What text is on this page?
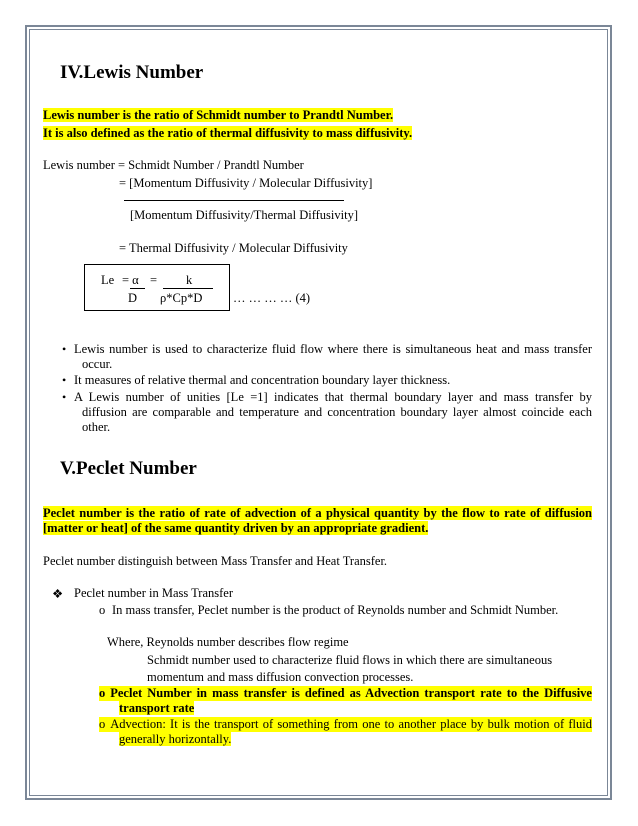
IV.Lewis Number
Lewis number is the ratio of Schmidt number to Prandtl Number.
It is also defined as the ratio of thermal diffusivity to mass diffusivity.
Lewis number = Schmidt Number / Prandtl Number
= [Momentum Diffusivity / Molecular Diffusivity]
[Momentum Diffusivity/Thermal Diffusivity]
= Thermal Diffusivity / Molecular Diffusivity
Le = α = k
D ρ*Cp*D … … … … (4)
• Lewis number is used to characterize fluid flow where there is simultaneous heat and mass transfer
occur.
• It measures of relative thermal and concentration boundary layer thickness.
• A Lewis number of unities [Le =1] indicates that thermal boundary layer and mass transfer by
diffusion are comparable and temperature and concentration boundary layer almost coincide each
other.
V.Peclet Number
Peclet number is the ratio of rate of advection of a physical quantity by the flow to rate of diffusion
[matter or heat] of the same quantity driven by an appropriate gradient.
Peclet number distinguish between Mass Transfer and Heat Transfer.
❖ Peclet number in Mass Transfer
o In mass transfer, Peclet number is the product of Reynolds number and Schmidt Number.
Where, Reynolds number describes flow regime
Schmidt number used to characterize fluid flows in which there are simultaneous
momentum and mass diffusion convection processes.
o Peclet Number in mass transfer is defined as Advection transport rate to the Diffusive
transport rate
o Advection: It is the transport of something from one to another place by bulk motion of fluid
generally horizontally.
